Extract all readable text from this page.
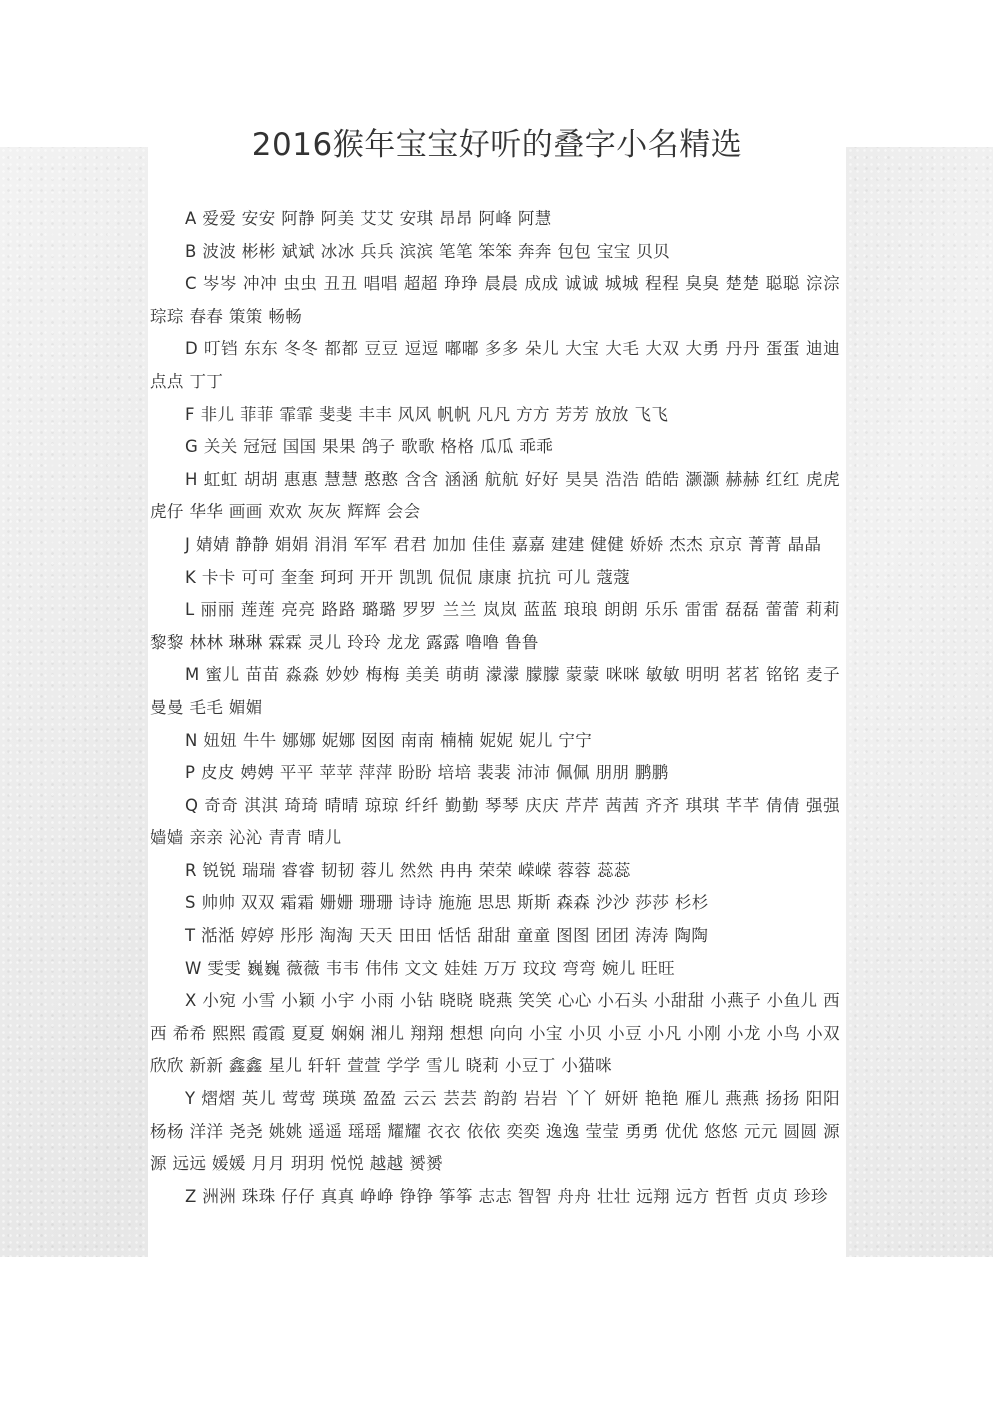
2016猴年宝宝好听的叠字小名精选

A 爱爱 安安 阿静 阿美 艾艾 安琪 昂昂 阿峰 阿慧

B 波波 彬彬 斌斌 冰冰 兵兵 滨滨 笔笔 笨笨 奔奔 包包 宝宝 贝贝

C 岑岑 冲冲 虫虫 丑丑 唱唱 超超 琤琤 晨晨 成成 诚诚 城城 程程 臭臭 楚楚 聪聪 淙淙 琮琮 春春 策策 畅畅

D 叮铛 东东 冬冬 都都 豆豆 逗逗 嘟嘟 多多 朵儿 大宝 大毛 大双 大勇 丹丹 蛋蛋 迪迪 点点 丁丁

F 非儿 菲菲 霏霏 斐斐 丰丰 风风 帆帆 凡凡 方方 芳芳 放放 飞飞

G 关关 冠冠 国国 果果 鸽子 歌歌 格格 瓜瓜 乖乖

H 虹虹 胡胡 惠惠 慧慧 憨憨 含含 涵涵 航航 好好 昊昊 浩浩 皓皓 灏灏 赫赫 红红 虎虎 虎仔 华华 画画 欢欢 灰灰 辉辉 会会

J 婧婧 静静 娟娟 涓涓 军军 君君 加加 佳佳 嘉嘉 建建 健健 娇娇 杰杰 京京 菁菁 晶晶

K 卡卡 可可 奎奎 珂珂 开开 凯凯 侃侃 康康 抗抗 可儿 蔻蔻

L 丽丽 莲莲 亮亮 路路 璐璐 罗罗 兰兰 岚岚 蓝蓝 琅琅 朗朗 乐乐 雷雷 磊磊 蕾蕾 莉莉 黎黎 林林 琳琳 霖霖 灵儿 玲玲 龙龙 露露 噜噜 鲁鲁

M 蜜儿 苗苗 淼淼 妙妙 梅梅 美美 萌萌 濛濛 朦朦 蒙蒙 咪咪 敏敏 明明 茗茗 铭铭 麦子 曼曼 毛毛 媚媚

N 妞妞 牛牛 娜娜 妮娜 囡囡 南南 楠楠 妮妮 妮儿 宁宁

P 皮皮 娉娉 平平 苹苹 萍萍 盼盼 培培 裴裴 沛沛 佩佩 朋朋 鹏鹏

Q 奇奇 淇淇 琦琦 晴晴 琼琼 纤纤 勤勤 琴琴 庆庆 芹芹 茜茜 齐齐 琪琪 芊芊 倩倩 强强 嫱嫱 亲亲 沁沁 青青 晴儿

R 锐锐 瑞瑞 睿睿 韧韧 蓉儿 然然 冉冉 荣荣 嵘嵘 蓉蓉 蕊蕊

S 帅帅 双双 霜霜 姗姗 珊珊 诗诗 施施 思思 斯斯 森森 沙沙 莎莎 杉杉

T 湉湉 婷婷 彤彤 淘淘 天天 田田 恬恬 甜甜 童童 图图 团团 涛涛 陶陶

W 雯雯 巍巍 薇薇 韦韦 伟伟 文文 娃娃 万万 玟玟 弯弯 婉儿 旺旺

X 小宛 小雪 小颖 小宇 小雨 小钻 晓晓 晓燕 笑笑 心心 小石头 小甜甜 小燕子 小鱼儿 西西 希希 熙熙 霞霞 夏夏 娴娴 湘儿 翔翔 想想 向向 小宝 小贝 小豆 小凡 小刚 小龙 小鸟 小双 欣欣 新新 鑫鑫 星儿 轩轩 萱萱 学学 雪儿 晓莉 小豆丁 小猫咪

Y 熠熠 英儿 莺莺 瑛瑛 盈盈 云云 芸芸 韵韵 岩岩 丫丫 妍妍 艳艳 雁儿 燕燕 扬扬 阳阳 杨杨 洋洋 尧尧 姚姚 遥遥 瑶瑶 耀耀 衣衣 依依 奕奕 逸逸 莹莹 勇勇 优优 悠悠 元元 圆圆 源源 远远 媛媛 月月 玥玥 悦悦 越越 赟赟

Z 洲洲 珠珠 仔仔 真真 峥峥 铮铮 筝筝 志志 智智 舟舟 壮壮 远翔 远方 哲哲 贞贞 珍珍
